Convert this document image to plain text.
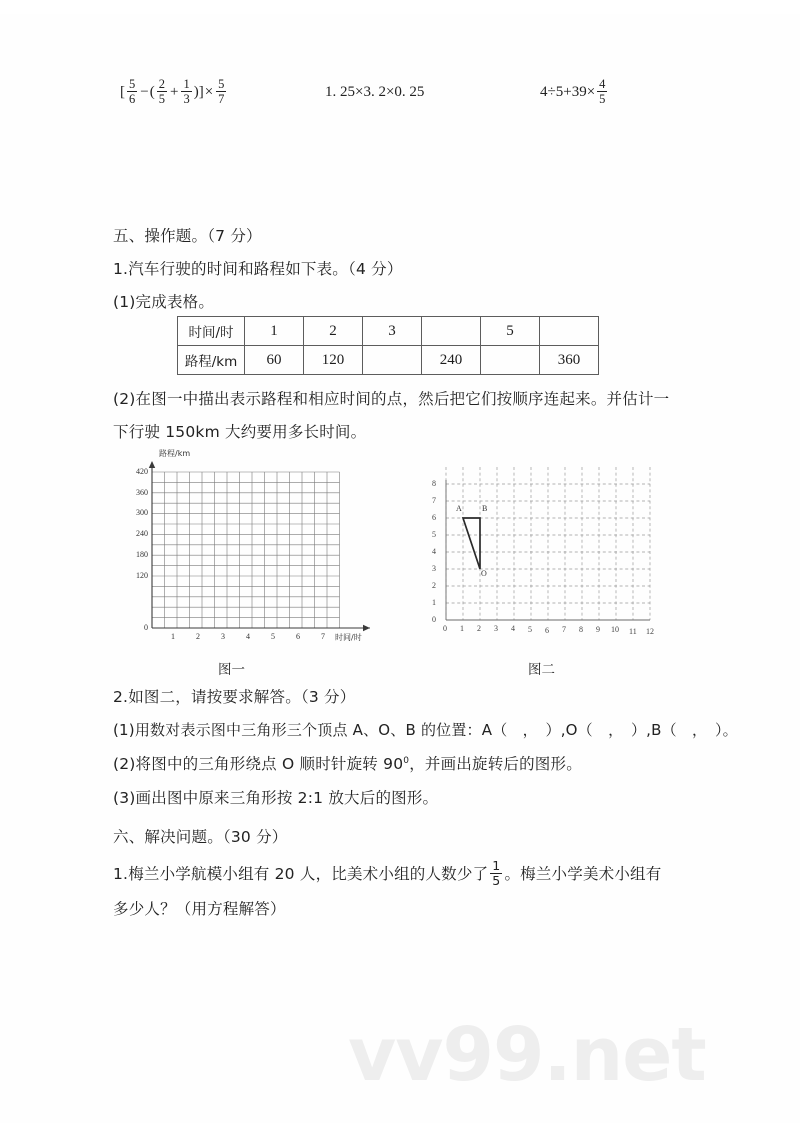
[ $\frac{5}{6}$ − ( $\frac{2}{5} + \frac{1}{3}$ ) ] × $\frac{5}{7}$	1. 25×3. 2×0. 25	$4\div 5+39\times \frac{4}{5}$
五、操作题。（7 分）
1.汽车行驶的时间和路程如下表。（4 分）
(1)完成表格。
时间/时	1	2	3		5	
路程/km	60	120		240		360
(2)在图一中描出表示路程和相应时间的点，然后把它们按顺序连起来。并估计一
下行驶 150km 大约要用多长时间。
路程/km
时间/时
0
120
180
240
300
360
420
1	2	3	4	5	6	7
图一
A	B
O
0
1
2
3
4
5
6
7
8
0 1 2 3 4 5 6 7 8 9 10 11 12
图二
2.如图二，请按要求解答。（3 分）
(1)用数对表示图中三角形三个顶点 A、O、B 的位置：A（　，　）,O（　，　）,B（　，　）。
(2)将图中的三角形绕点 O 顺时针旋转 $90^0$，并画出旋转后的图形。
(3)画出图中原来三角形按 2:1 放大后的图形。
六、解决问题。（30 分）
1.梅兰小学航模小组有 20 人，比美术小组的人数少了 $\frac{1}{5}$ 。梅兰小学美术小组有
多少人？（用方程解答）
vv99.net
